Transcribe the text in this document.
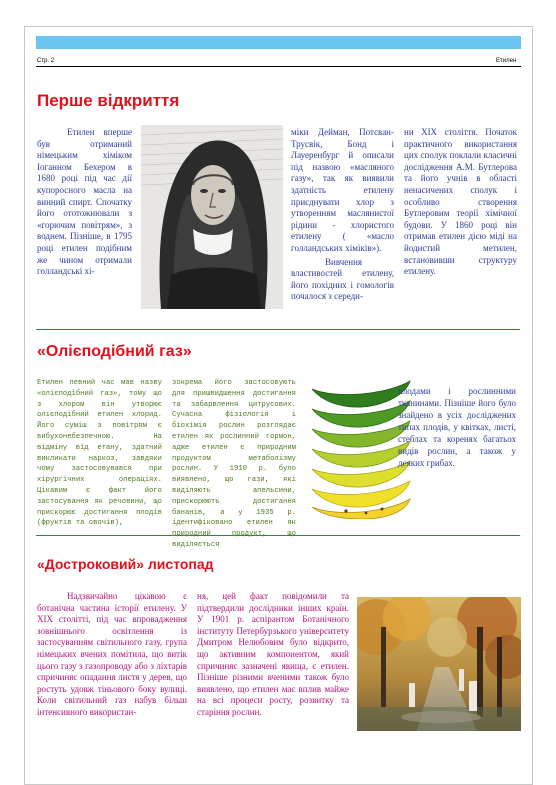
Стр. 2	Етилен
Перше відкриття
Етилен вперше був отриманий німецьким хіміком Іоганном Бехером в 1680 році під час дії купоросного масла на винний спирт. Спочатку його ототожнювали з «горючим повітрям», з воднем. Пізніше, в 1795 році етилен подібним же чином отримали голландські хі-
міки Дейман, Потсван-Трусвік, Бонд і Лауеренбург й описали під назвою «масляного газу», так як виявили здатність етилену приєднувати хлор з утворенням маслянистої рідини - хлористого етилену ( «масло голландських хіміків»).
Вивчення властивостей етилену, його похідних і гомологів почалося з середи-
ни XIX століття. Початок практичного використання цих сполук поклали класичні дослідження А.М. Бутлерова та його учнів в області ненасичених сполук і особливо створення Бутлеровим теорії хімічної будови. У 1860 році він отримав етилен дією міді на йодистий метилен, встановивши структуру етилену.
«Олієподібний газ»
Етилен певний час мав назву «олієподібний газ», тому що з хлором він утворює олієподібний етилен хлорид. Його суміш з повітрям є вибухонебезпечною. На відміну від етану, здатний викликати наркоз, завдяки чому застосовувався при хірургічних операціях. Цікавим є факт його застосування як речовини, що прискорює достигання плодів (фруктів та овочів),
зокрема його застосовують для пришвидшення достигання та забарвлення цитрусових. Сучасна фізіологія і біохімія рослин розглядає етилен як рослинний гормон, адже етилен є природним продуктом метаболізму рослин. У 1910 р. було виявлено, що гази, які виділяють апельсини, прискорюють достигання бананів, а у 1935 р. ідентифіковано етилен як виділяється
плодами і рослинними тканинами. Пізніше його було знайдено в усіх досліджених типах плодів, у квітках, листі, стеблах та коренях багатьох видів рослин, а також у деяких грибах.
«Достроковий» листопад
Надзвичайно цікавою є ботанічна частина історії етилену. У ХІХ столітті, під час впровадження зовнішнього освітлення із застосуванням світильного газу, група німецьких вчених помітила, що витік цього газу з газопроводу або з ліхтарів спричиняє опадання листя у дерев, що ростуть удовж тіньового боку вулиці. Коли світильний газ набув більш інтенсивного використан-
ня, цей факт повідомили та підтвердили дослідники інших країн. У 1901 р. аспірантом Ботанічного інституту Петербурзького університету Дмитром Нелюбовим було відкрито, що активним компонентом, який спричиняє зазначені явища, є етилен. Пізніше різними вченими також було виявлено, що етилен має вплив майже на всі процеси росту, розвитку та старіння рослин.
